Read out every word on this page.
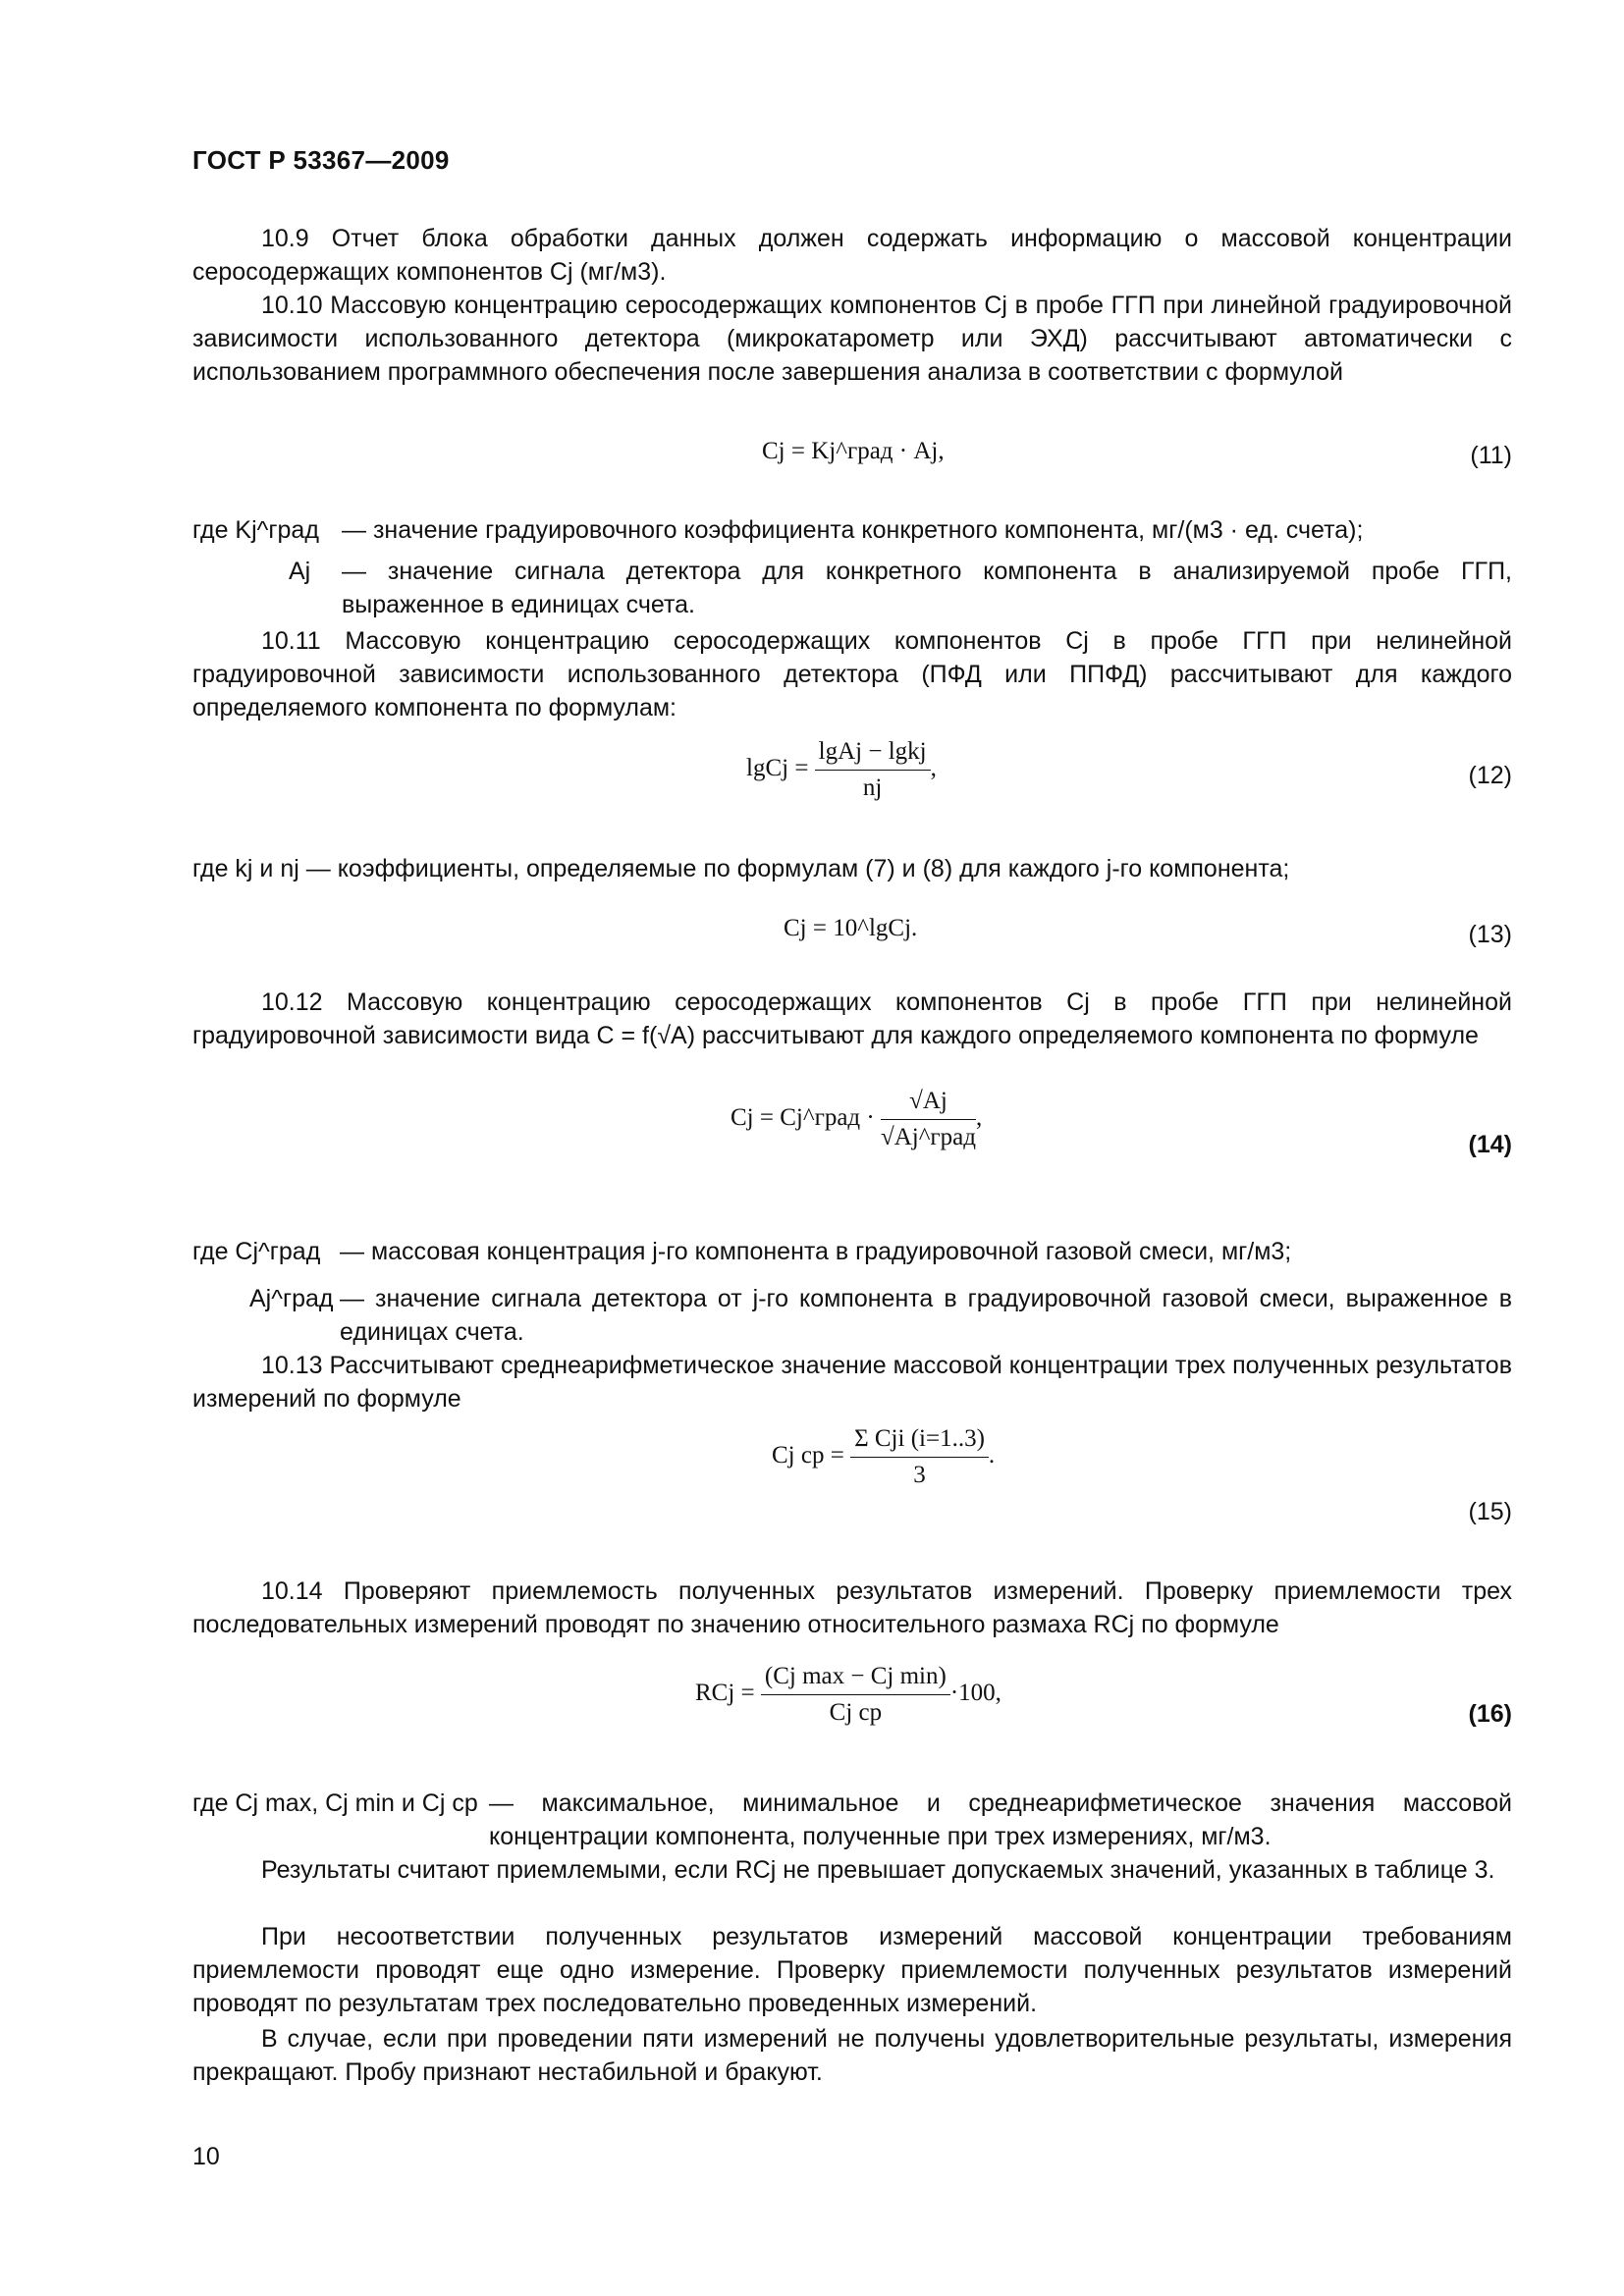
ГОСТ Р 53367—2009
10.9 Отчет блока обработки данных должен содержать информацию о массовой концентрации серосодержащих компонентов Cj (мг/м3).
10.10 Массовую концентрацию серосодержащих компонентов Cj в пробе ГГП при линейной градуировочной зависимости использованного детектора (микрокатарометр или ЭХД) рассчитывают автоматически с использованием программного обеспечения после завершения анализа в соответствии с формулой
Cj = Kj^град · Aj,	(11)
где Kj^град — значение градуировочного коэффициента конкретного компонента, мг/(м3 · ед. счета);
Aj	— значение сигнала детектора для конкретного компонента в анализируемой пробе ГГП, выраженное в единицах счета.
10.11 Массовую концентрацию серосодержащих компонентов Cj в пробе ГГП при нелинейной градуировочной зависимости использованного детектора (ПФД или ППФД) рассчитывают для каждого определяемого компонента по формулам:
lgCj = $\frac{\text{lgAj − lgkj}}{nj}$ ,	(12)
где kj и nj — коэффициенты, определяемые по формулам (7) и (8) для каждого j-го компонента;
Cj = 10^lgCj.	(13)
10.12 Массовую концентрацию серосодержащих компонентов Cj в пробе ГГП при нелинейной градуировочной зависимости вида C = f(√A) рассчитывают для каждого определяемого компонента по формуле
Cj = Cj^град · $\frac{√Aj}{\text{√Aj\textasciicircum{}град}}$ ,
(14)
где Cj^град — массовая концентрация j-го компонента в градуировочной газовой смеси, мг/м3;
Aj^град — значение сигнала детектора от j-го компонента в градуировочной газовой смеси, выраженное в единицах счета.
10.13 Рассчитывают среднеарифметическое значение массовой концентрации трех полученных результатов измерений по формуле
Cj ср = $\frac{\text{Σ Cji (i=1..3)}}{3}$ .
(15)
10.14 Проверяют приемлемость полученных результатов измерений. Проверку приемлемости трех последовательных измерений проводят по значению относительного размаха RCj по формуле
RCj = $\frac{\text{(Cj max − Cj min)}}{\text{Cj ср}} \cdot 100$,
(16)
где Cj max, Cj min и Cj ср — максимальное, минимальное и среднеарифметическое значения массовой концентрации компонента, полученные при трех измерениях, мг/м3.
Результаты считают приемлемыми, если RCj не превышает допускаемых значений, указанных в таблице 3.
При несоответствии полученных результатов измерений массовой концентрации требованиям приемлемости проводят еще одно измерение. Проверку приемлемости полученных результатов измерений проводят по результатам трех последовательно проведенных измерений.
В случае, если при проведении пяти измерений не получены удовлетворительные результаты, измерения прекращают. Пробу признают нестабильной и бракуют.
10
